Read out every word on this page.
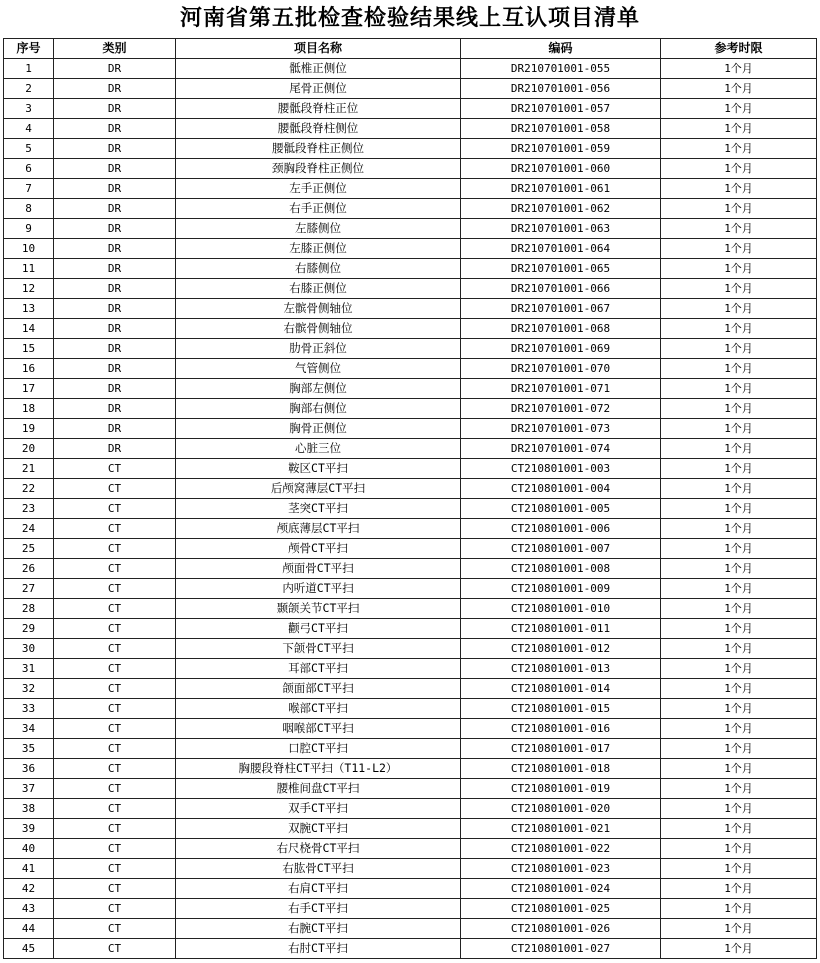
河南省第五批检查检验结果线上互认项目清单
序号	类别	项目名称	编码	参考时限
1	DR	骶椎正侧位	DR210701001-055	1个月
2	DR	尾骨正侧位	DR210701001-056	1个月
3	DR	腰骶段脊柱正位	DR210701001-057	1个月
4	DR	腰骶段脊柱侧位	DR210701001-058	1个月
5	DR	腰骶段脊柱正侧位	DR210701001-059	1个月
6	DR	颈胸段脊柱正侧位	DR210701001-060	1个月
7	DR	左手正侧位	DR210701001-061	1个月
8	DR	右手正侧位	DR210701001-062	1个月
9	DR	左膝侧位	DR210701001-063	1个月
10	DR	左膝正侧位	DR210701001-064	1个月
11	DR	右膝侧位	DR210701001-065	1个月
12	DR	右膝正侧位	DR210701001-066	1个月
13	DR	左髌骨侧轴位	DR210701001-067	1个月
14	DR	右髌骨侧轴位	DR210701001-068	1个月
15	DR	肋骨正斜位	DR210701001-069	1个月
16	DR	气管侧位	DR210701001-070	1个月
17	DR	胸部左侧位	DR210701001-071	1个月
18	DR	胸部右侧位	DR210701001-072	1个月
19	DR	胸骨正侧位	DR210701001-073	1个月
20	DR	心脏三位	DR210701001-074	1个月
21	CT	鞍区CT平扫	CT210801001-003	1个月
22	CT	后颅窝薄层CT平扫	CT210801001-004	1个月
23	CT	茎突CT平扫	CT210801001-005	1个月
24	CT	颅底薄层CT平扫	CT210801001-006	1个月
25	CT	颅骨CT平扫	CT210801001-007	1个月
26	CT	颅面骨CT平扫	CT210801001-008	1个月
27	CT	内听道CT平扫	CT210801001-009	1个月
28	CT	颞颌关节CT平扫	CT210801001-010	1个月
29	CT	颧弓CT平扫	CT210801001-011	1个月
30	CT	下颌骨CT平扫	CT210801001-012	1个月
31	CT	耳部CT平扫	CT210801001-013	1个月
32	CT	颌面部CT平扫	CT210801001-014	1个月
33	CT	喉部CT平扫	CT210801001-015	1个月
34	CT	咽喉部CT平扫	CT210801001-016	1个月
35	CT	口腔CT平扫	CT210801001-017	1个月
36	CT	胸腰段脊柱CT平扫（T11-L2）	CT210801001-018	1个月
37	CT	腰椎间盘CT平扫	CT210801001-019	1个月
38	CT	双手CT平扫	CT210801001-020	1个月
39	CT	双腕CT平扫	CT210801001-021	1个月
40	CT	右尺桡骨CT平扫	CT210801001-022	1个月
41	CT	右肱骨CT平扫	CT210801001-023	1个月
42	CT	右肩CT平扫	CT210801001-024	1个月
43	CT	右手CT平扫	CT210801001-025	1个月
44	CT	右腕CT平扫	CT210801001-026	1个月
45	CT	右肘CT平扫	CT210801001-027	1个月
